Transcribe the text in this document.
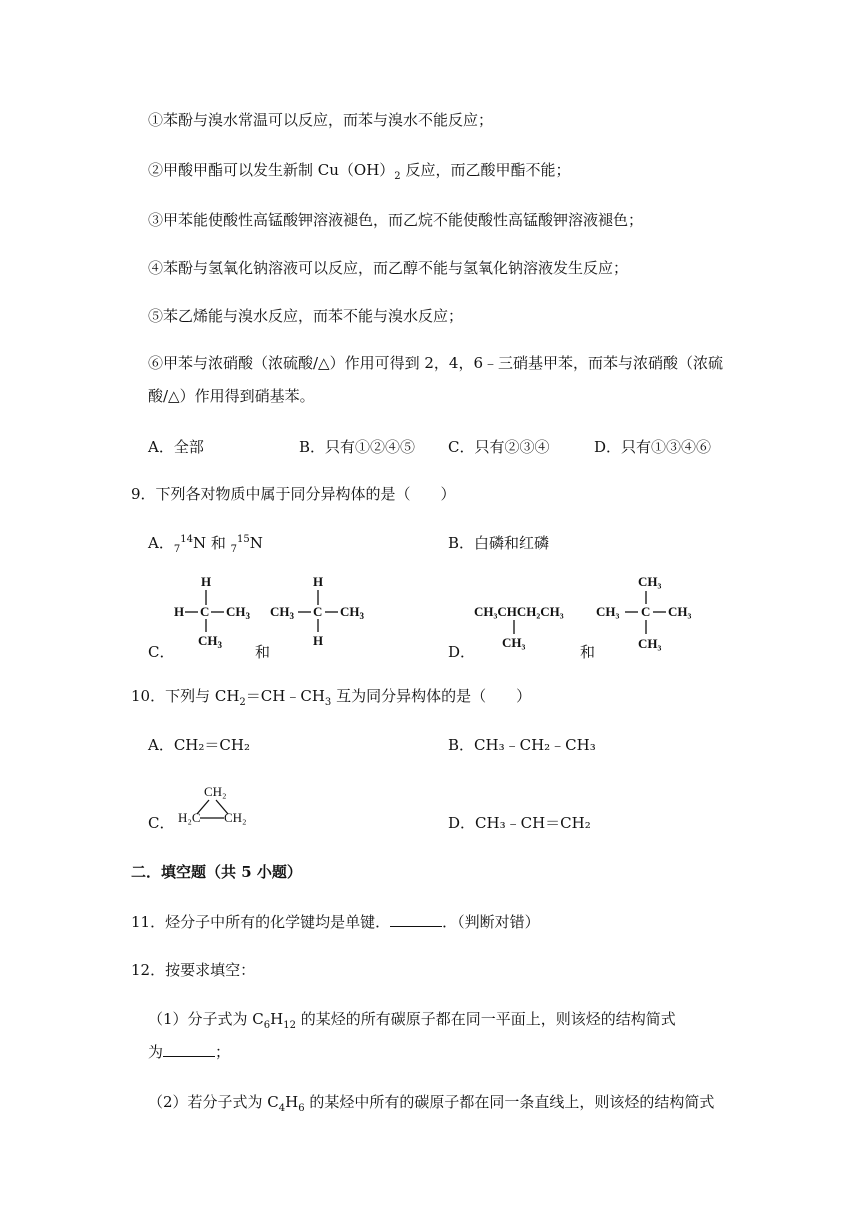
①苯酚与溴水常温可以反应，而苯与溴水不能反应；
②甲酸甲酯可以发生新制 $Cu(OH)_2$ 反应，而乙酸甲酯不能；
③甲苯能使酸性高锰酸钾溶液褪色，而乙烷不能使酸性高锰酸钾溶液褪色；
④苯酚与氢氧化钠溶液可以反应，而乙醇不能与氢氧化钠溶液发生反应；
⑤苯乙烯能与溴水反应，而苯不能与溴水反应；
⑥甲苯与浓硝酸（浓硫酸/△）作用可得到 2，4，6﹣三硝基甲苯，而苯与浓硝酸（浓硫
酸/△）作用得到硝基苯。
A．全部	B．只有①②④⑤ C．只有②③④	D．只有①③④⑥
9．下列各对物质中属于同分异构体的是（　　）
A．$_7^{14}$N 和 $_7^{15}$N	B．白磷和红磷
H
H C $CH_3$
$CH_3$
$CH_3$ C
H
$CH_3$
H
C．	和
CH₃CHCH₂CH₃
CH₃
CH₃
CH₃ C CH₃
CH₃
D．	和
10．下列与 $CH_2=CH﹣CH_3$ 互为同分异构体的是（　　）
A．CH₂＝CH₂	B．CH₃﹣CH₂﹣CH₃
CH₂
H₂C CH₂
C．	D．CH₃﹣CH＝CH₂
二．填空题（共 5 小题）
11．烃分子中所有的化学键均是单键．	．（判断对错）
12．按要求填空：
（1）分子式为 $C_6H_{12}$ 的某烃的所有碳原子都在同一平面上，则该烃的结构简式
为	；
（2）若分子式为 $C_4H_6$ 的某烃中所有的碳原子都在同一条直线上，则该烃的结构简式
